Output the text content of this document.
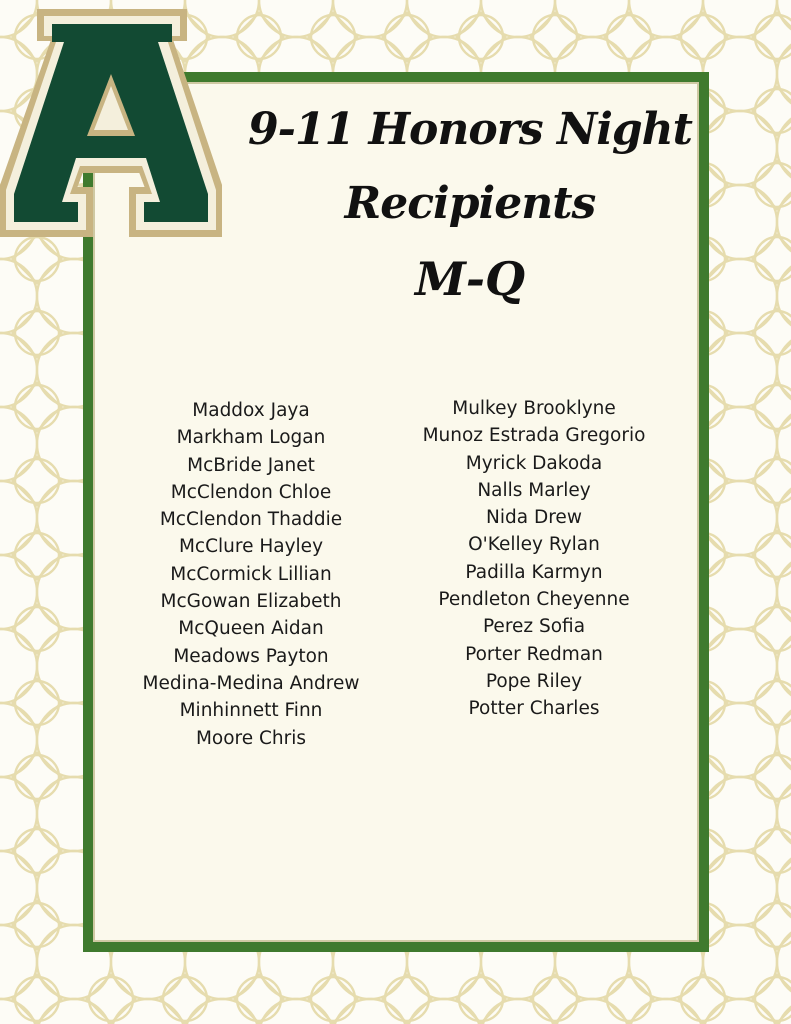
9-11 Honors Night
Recipients
M-Q
Maddox Jaya
Markham Logan
McBride Janet
McClendon Chloe
McClendon Thaddie
McClure Hayley
McCormick Lillian
McGowan Elizabeth
McQueen Aidan
Meadows Payton
Medina-Medina Andrew
Minhinnett Finn
Moore Chris
Mulkey Brooklyne
Munoz Estrada Gregorio
Myrick Dakoda
Nalls Marley
Nida Drew
O'Kelley Rylan
Padilla Karmyn
Pendleton Cheyenne
Perez Sofia
Porter Redman
Pope Riley
Potter Charles
